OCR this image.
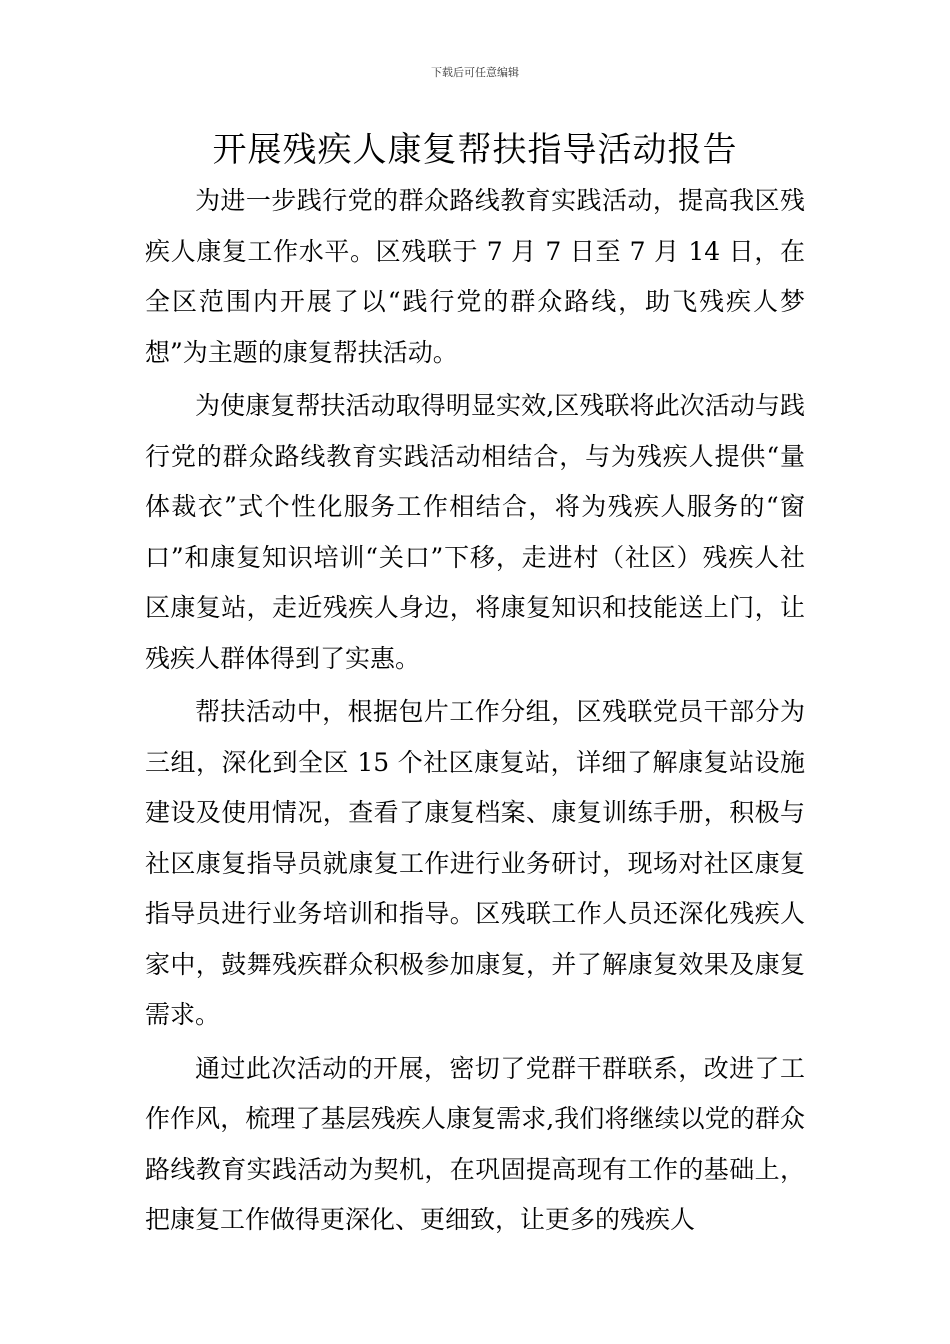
下载后可任意编辑
开展残疾人康复帮扶指导活动报告

为进一步践行党的群众路线教育实践活动，提高我区残疾人康复工作水平。区残联于 7 月 7 日至 7 月 14 日，在全区范围内开展了以“践行党的群众路线，助飞残疾人梦想”为主题的康复帮扶活动。

为使康复帮扶活动取得明显实效,区残联将此次活动与践行党的群众路线教育实践活动相结合，与为残疾人提供“量体裁衣”式个性化服务工作相结合，将为残疾人服务的“窗口”和康复知识培训“关口”下移，走进村（社区）残疾人社区康复站，走近残疾人身边，将康复知识和技能送上门，让残疾人群体得到了实惠。

帮扶活动中，根据包片工作分组，区残联党员干部分为三组，深化到全区 15 个社区康复站，详细了解康复站设施建设及使用情况，查看了康复档案、康复训练手册，积极与社区康复指导员就康复工作进行业务研讨，现场对社区康复指导员进行业务培训和指导。区残联工作人员还深化残疾人家中，鼓舞残疾群众积极参加康复，并了解康复效果及康复需求。

通过此次活动的开展，密切了党群干群联系，改进了工作作风，梳理了基层残疾人康复需求,我们将继续以党的群众路线教育实践活动为契机，在巩固提高现有工作的基础上，把康复工作做得更深化、更细致，让更多的残疾人
